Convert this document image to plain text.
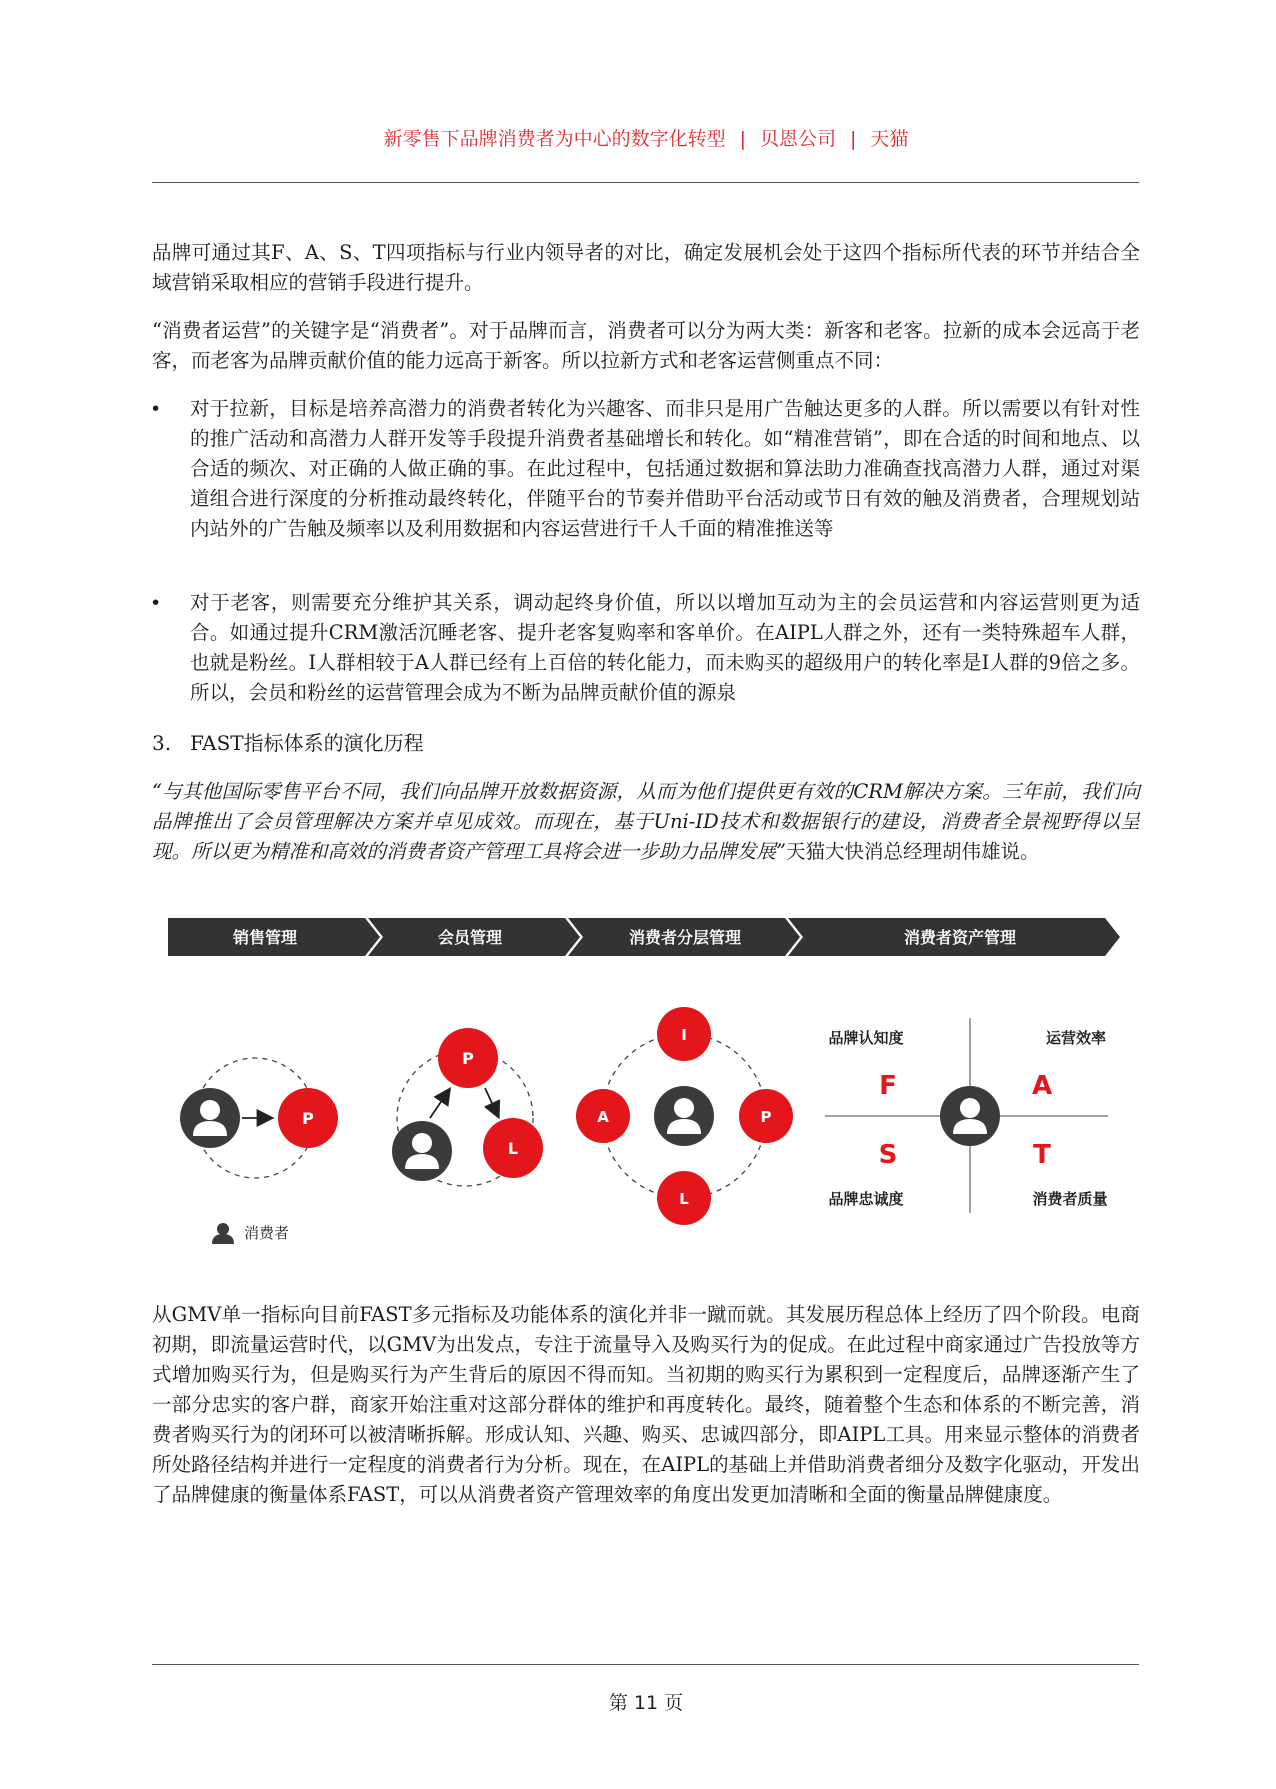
新零售下品牌消费者为中心的数字化转型 | 贝恩公司 | 天猫

品牌可通过其F、A、S、T四项指标与行业内领导者的对比，确定发展机会处于这四个指标所代表的环节并结合全域营销采取相应的营销手段进行提升。

“消费者运营”的关键字是“消费者”。对于品牌而言，消费者可以分为两大类：新客和老客。拉新的成本会远高于老客，而老客为品牌贡献价值的能力远高于新客。所以拉新方式和老客运营侧重点不同：

• 对于拉新，目标是培养高潜力的消费者转化为兴趣客、而非只是用广告触达更多的人群。所以需要以有针对性的推广活动和高潜力人群开发等手段提升消费者基础增长和转化。如“精准营销”，即在合适的时间和地点、以合适的频次、对正确的人做正确的事。在此过程中，包括通过数据和算法助力准确查找高潜力人群，通过对渠道组合进行深度的分析推动最终转化，伴随平台的节奏并借助平台活动或节日有效的触及消费者，合理规划站内站外的广告触及频率以及利用数据和内容运营进行千人千面的精准推送等

• 对于老客，则需要充分维护其关系，调动起终身价值，所以以增加互动为主的会员运营和内容运营则更为适合。如通过提升CRM激活沉睡老客、提升老客复购率和客单价。在AIPL人群之外，还有一类特殊超车人群，也就是粉丝。I人群相较于A人群已经有上百倍的转化能力，而未购买的超级用户的转化率是I人群的9倍之多。所以，会员和粉丝的运营管理会成为不断为品牌贡献价值的源泉

3. FAST指标体系的演化历程

“与其他国际零售平台不同，我们向品牌开放数据资源，从而为他们提供更有效的CRM解决方案。三年前，我们向品牌推出了会员管理解决方案并卓见成效。而现在，基于Uni-ID技术和数据银行的建设，消费者全景视野得以呈现。所以更为精准和高效的消费者资产管理工具将会进一步助力品牌发展”天猫大快消总经理胡伟雄说。

销售管理	会员管理	消费者分层管理	消费者资产管理
P
P
L
I
A	P
L
品牌认知度	运营效率
F	A
S	T
品牌忠诚度	消费者质量
消费者

从GMV单一指标向目前FAST多元指标及功能体系的演化并非一蹴而就。其发展历程总体上经历了四个阶段。电商初期，即流量运营时代，以GMV为出发点，专注于流量导入及购买行为的促成。在此过程中商家通过广告投放等方式增加购买行为，但是购买行为产生背后的原因不得而知。当初期的购买行为累积到一定程度后，品牌逐渐产生了一部分忠实的客户群，商家开始注重对这部分群体的维护和再度转化。最终，随着整个生态和体系的不断完善，消费者购买行为的闭环可以被清晰拆解。形成认知、兴趣、购买、忠诚四部分，即AIPL工具。用来显示整体的消费者所处路径结构并进行一定程度的消费者行为分析。现在，在AIPL的基础上并借助消费者细分及数字化驱动，开发出了品牌健康的衡量体系FAST，可以从消费者资产管理效率的角度出发更加清晰和全面的衡量品牌健康度。

第 11 页
